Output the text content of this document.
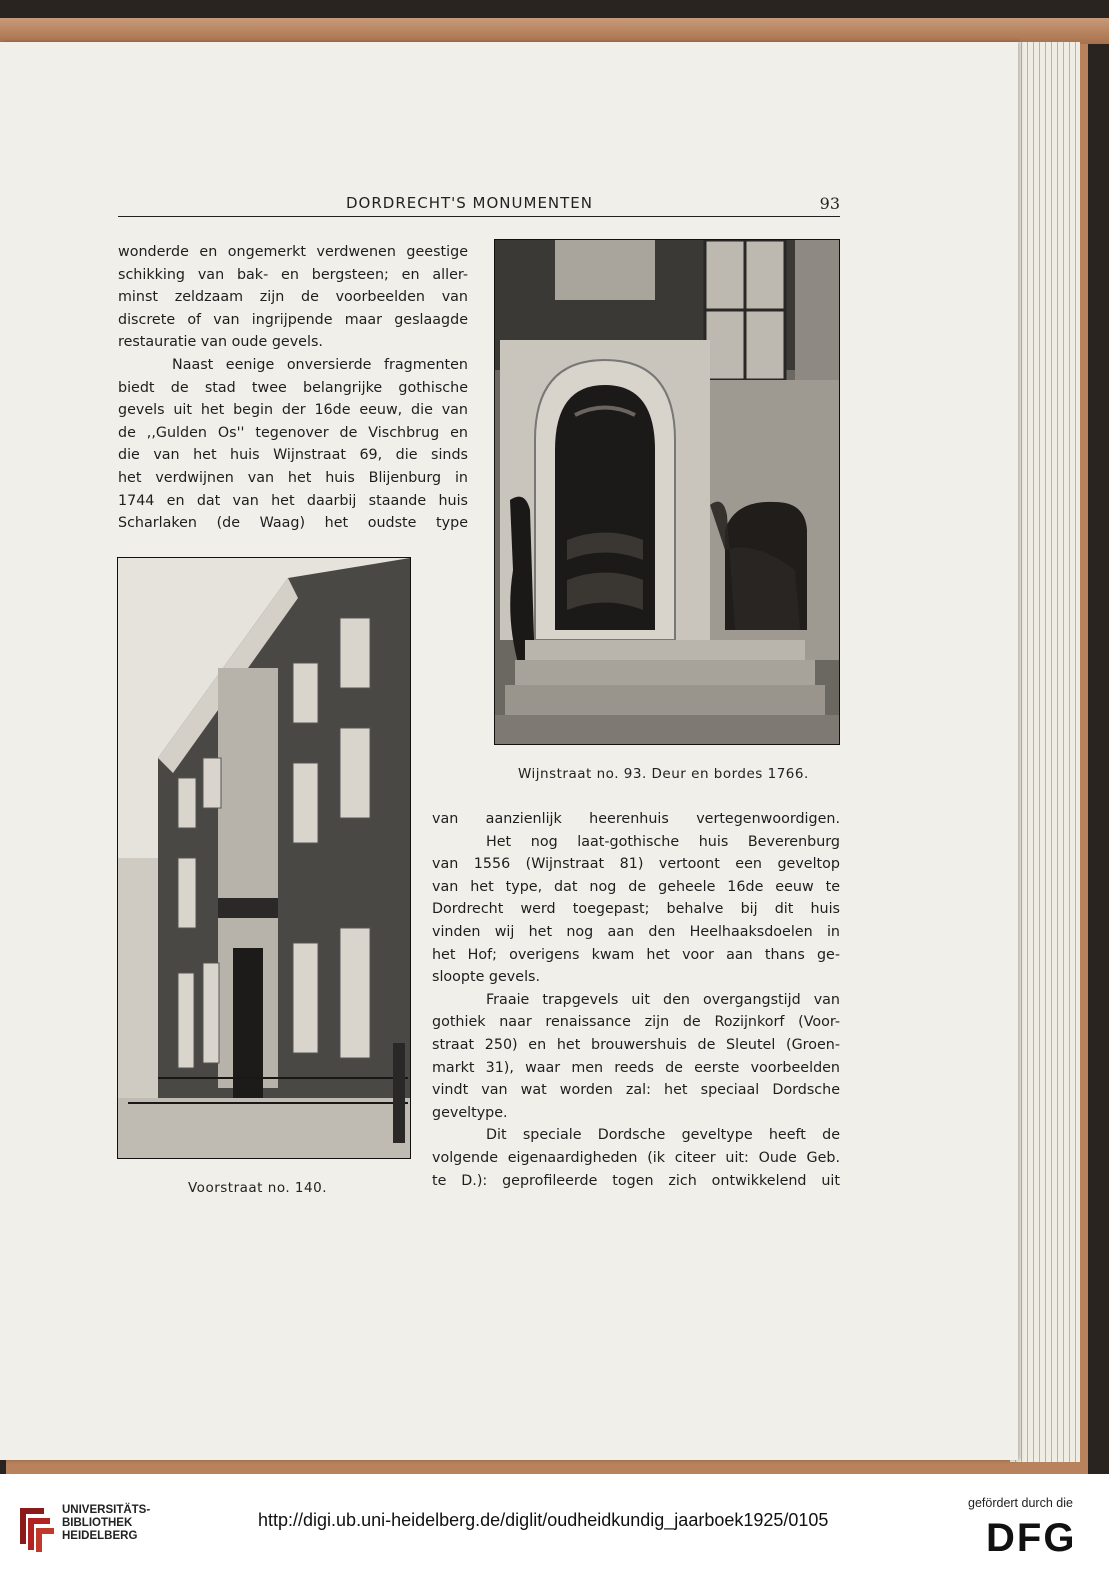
DORDRECHT'S MONUMENTEN	93
wonderde en ongemerkt verdwenen geestige
schikking van bak- en bergsteen; en aller-
minst zeldzaam zijn de voorbeelden van
discrete of van ingrijpende maar geslaagde
restauratie van oude gevels.
Naast eenige onversierde fragmenten
biedt de stad twee belangrijke gothische
gevels uit het begin der 16de eeuw, die van
de ,,Gulden Os'' tegenover de Vischbrug en
die van het huis Wijnstraat 69, die sinds
het verdwijnen van het huis Blijenburg in
1744 en dat van het daarbij staande huis
Scharlaken (de Waag) het oudste type
Wijnstraat no. 93. Deur en bordes 1766.
Voorstraat no. 140.
van aanzienlijk heerenhuis vertegenwoordigen.
Het nog laat-gothische huis Beverenburg
van 1556 (Wijnstraat 81) vertoont een geveltop
van het type, dat nog de geheele 16de eeuw te
Dordrecht werd toegepast; behalve bij dit huis
vinden wij het nog aan den Heelhaaksdoelen in
het Hof; overigens kwam het voor aan thans ge-
sloopte gevels.
Fraaie trapgevels uit den overgangstijd van
gothiek naar renaissance zijn de Rozijnkorf (Voor-
straat 250) en het brouwershuis de Sleutel (Groen-
markt 31), waar men reeds de eerste voorbeelden
vindt van wat worden zal: het speciaal Dordsche
geveltype.
Dit speciale Dordsche geveltype heeft de
volgende eigenaardigheden (ik citeer uit: Oude Geb.
te D.): geprofileerde togen zich ontwikkelend uit
UNIVERSITÄTS-
BIBLIOTHEK
HEIDELBERG
http://digi.ub.uni-heidelberg.de/diglit/oudheidkundig_jaarboek1925/0105
gefördert durch die
DFG
